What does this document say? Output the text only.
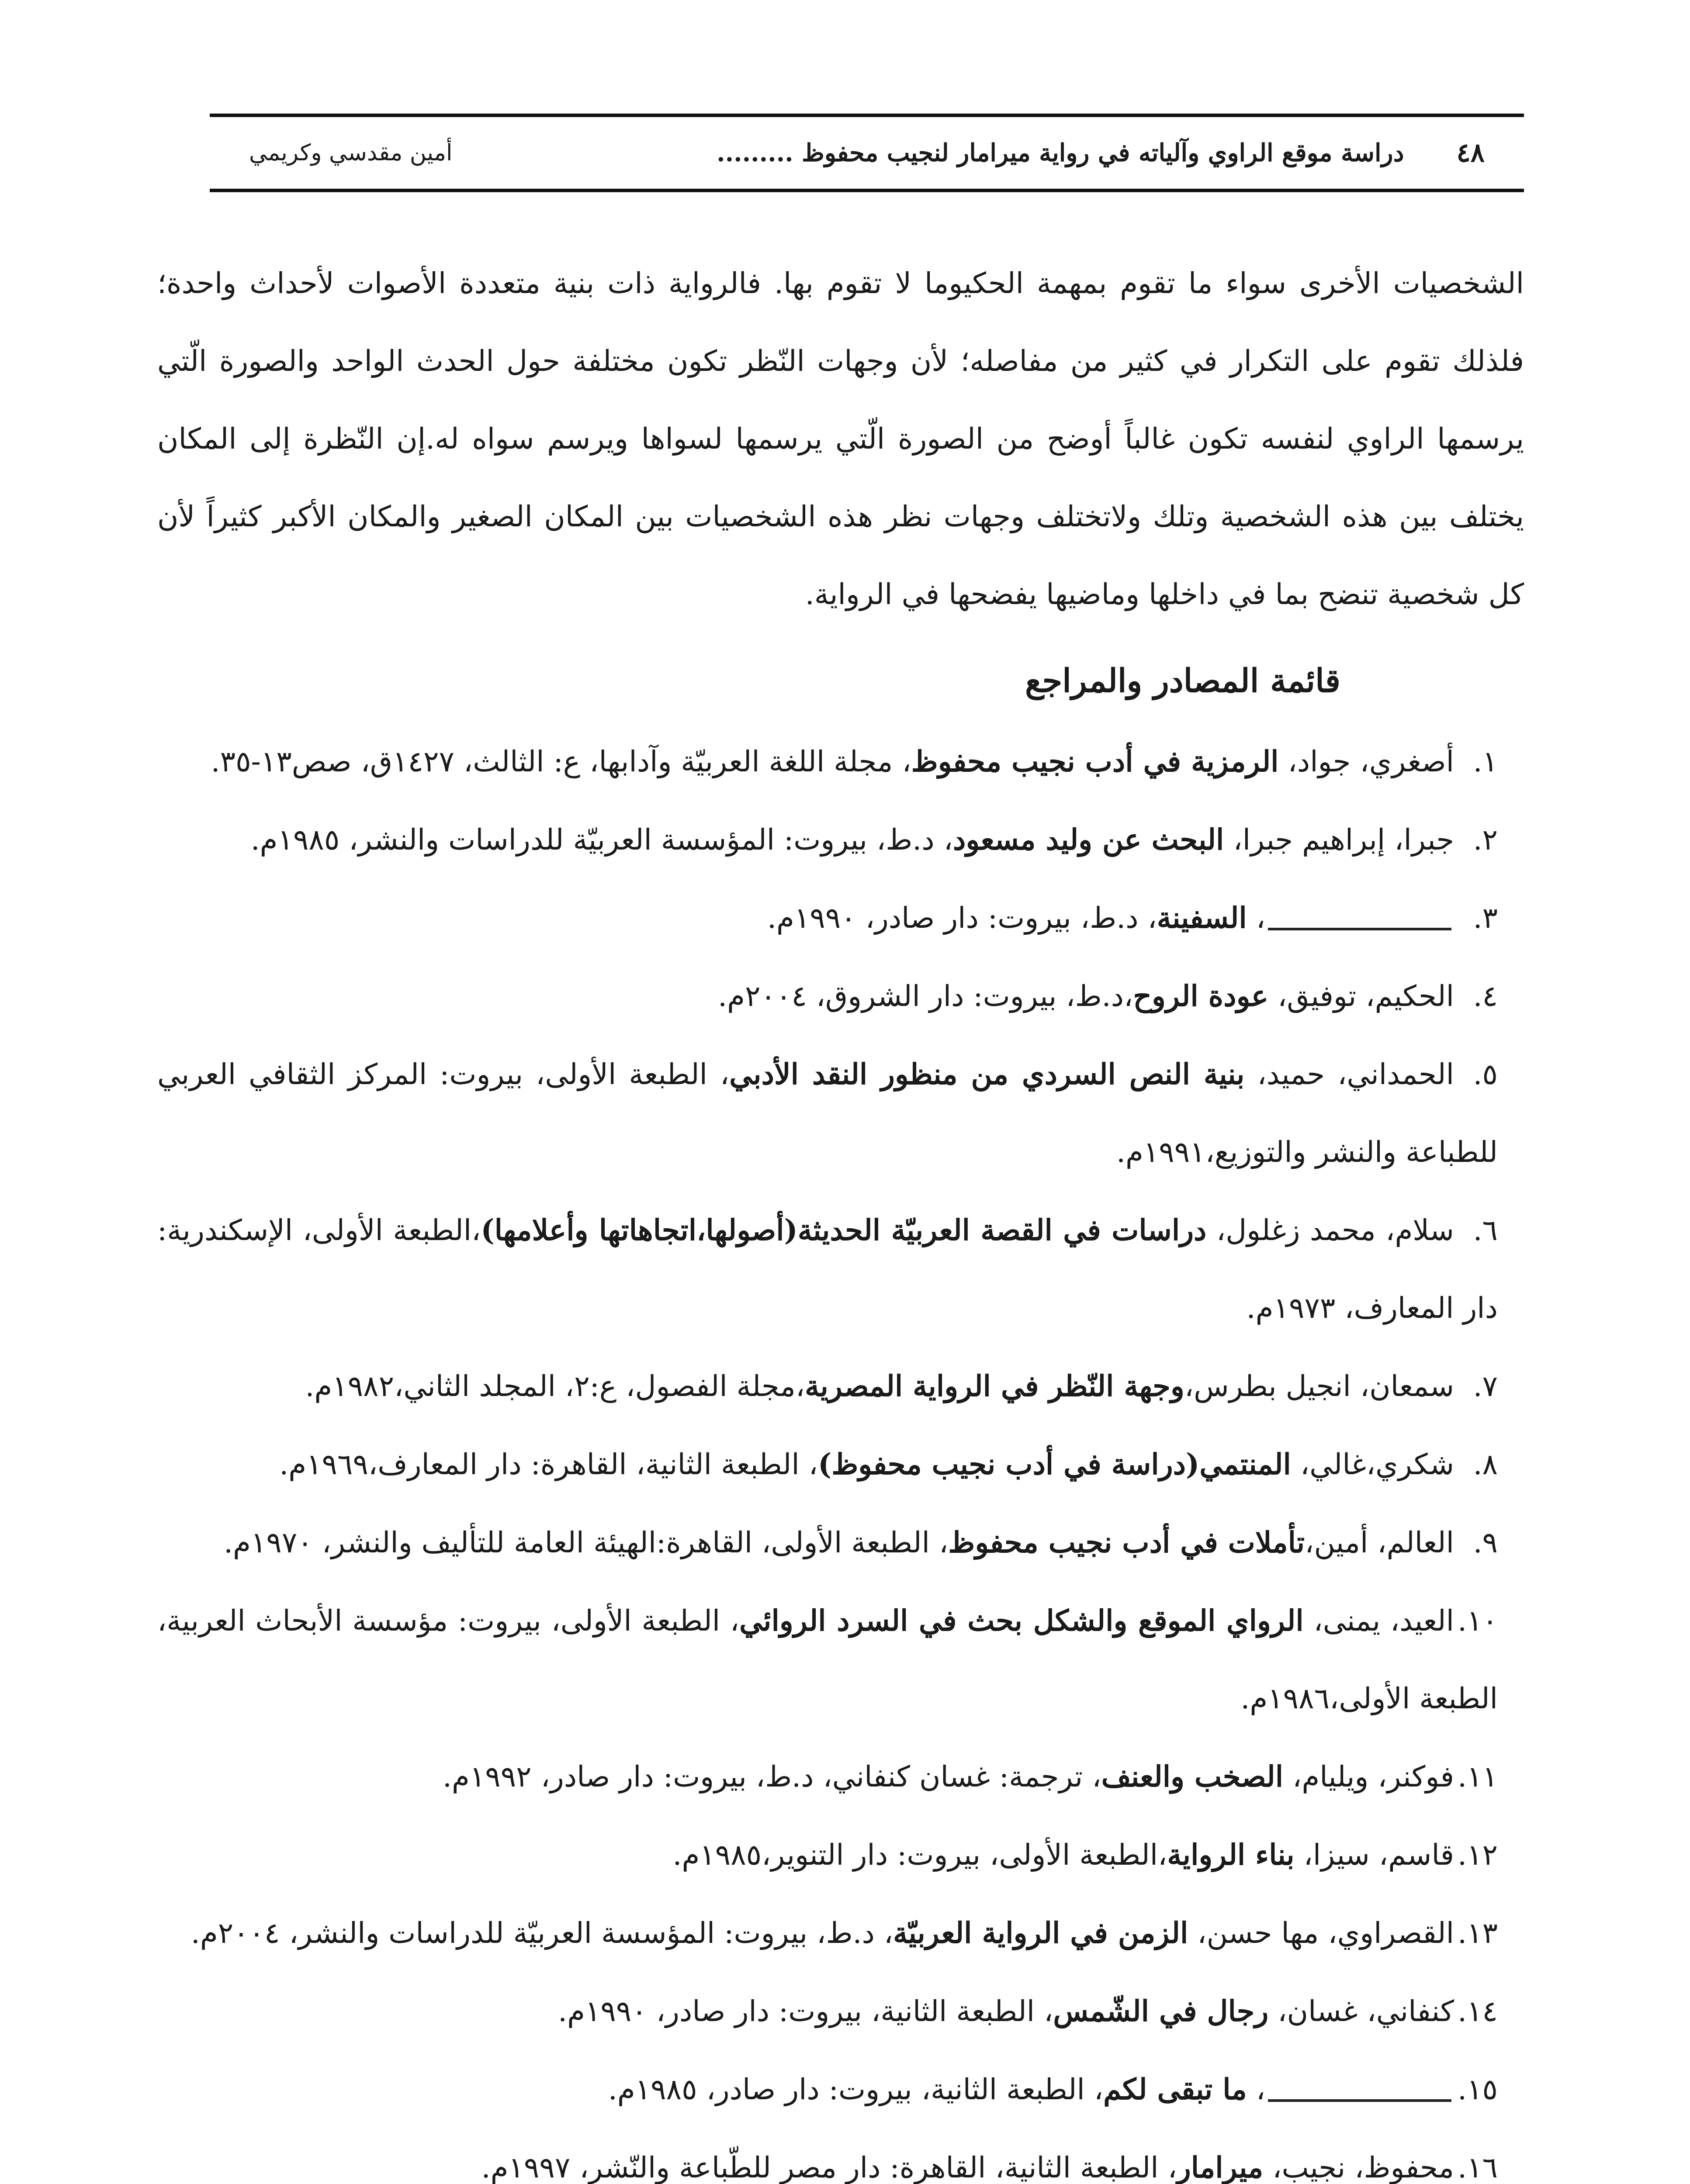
٤٨
دراسة موقع الراوي وآلياته في رواية ميرامار لنجيب محفوظ .........
أمين مقدسي وكريمي

الشخصيات الأخرى سواء ما تقوم بمهمة الحكيوما لا تقوم بها. فالرواية ذات بنية متعددة الأصوات لأحداث واحدة؛ فلذلك تقوم على التكرار في كثير من مفاصله؛ لأن وجهات النّظر تكون مختلفة حول الحدث الواحد والصورة الّتي يرسمها الراوي لنفسه تكون غالباً أوضح من الصورة الّتي يرسمها لسواها ويرسم سواه له.إن النّظرة إلى المكان يختلف بين هذه الشخصية وتلك ولاتختلف وجهات نظر هذه الشخصيات بين المكان الصغير والمكان الأكبر كثيراً لأن كل شخصية تنضح بما في داخلها وماضيها يفضحها في الرواية.

قائمة المصادر والمراجع
١.أصغري، جواد، الرمزية في أدب نجيب محفوظ، مجلة اللغة العربيّة وآدابها، ع: الثالث، ١٤٢٧ق، صص١٣-٣٥.
٢.جبرا، إبراهيم جبرا، البحث عن وليد مسعود، د.ط، بيروت: المؤسسة العربيّة للدراسات والنشر، ١٩٨٥م.
٣.، السفينة، د.ط، بيروت: دار صادر، ١٩٩٠م.
٤.الحكيم، توفيق، عودة الروح،د.ط، بيروت: دار الشروق، ٢٠٠٤م.
٥.الحمداني، حميد، بنية النص السردي من منظور النقد الأدبي، الطبعة الأولى، بيروت: المركز الثقافي العربي للطباعة والنشر والتوزيع،١٩٩١م.
٦.سلام، محمد زغلول، دراسات في القصة العربيّة الحديثة(أصولها،اتجاهاتها وأعلامها)،الطبعة الأولى، الإسكندرية: دار المعارف، ١٩٧٣م.
٧.سمعان، انجيل بطرس،وجهة النّظر في الرواية المصرية،مجلة الفصول، ع:٢، المجلد الثاني،١٩٨٢م.
٨.شكري،غالي، المنتمي(دراسة في أدب نجيب محفوظ)، الطبعة الثانية، القاهرة: دار المعارف،١٩٦٩م.
٩.العالم، أمين،تأملات في أدب نجيب محفوظ، الطبعة الأولى، القاهرة:الهيئة العامة للتأليف والنشر، ١٩٧٠م.
١٠.العيد، يمنى، الرواي الموقع والشكل بحث في السرد الروائي، الطبعة الأولى، بيروت: مؤسسة الأبحاث العربية، الطبعة الأولى،١٩٨٦م.
١١.فوكنر، ويليام، الصخب والعنف، ترجمة: غسان كنفاني، د.ط، بيروت: دار صادر، ١٩٩٢م.
١٢.قاسم، سيزا، بناء الرواية،الطبعة الأولى، بيروت: دار التنوير،١٩٨٥م.
١٣.القصراوي، مها حسن، الزمن في الرواية العربيّة، د.ط، بيروت: المؤسسة العربيّة للدراسات والنشر، ٢٠٠٤م.
١٤.كنفاني، غسان، رجال في الشّمس، الطبعة الثانية، بيروت: دار صادر، ١٩٩٠م.
١٥.، ما تبقى لكم، الطبعة الثانية، بيروت: دار صادر، ١٩٨٥م.
١٦.محفوظ، نجيب، ميرامار، الطبعة الثانية، القاهرة: دار مصر للطّباعة والنّشر، ١٩٩٧م.
